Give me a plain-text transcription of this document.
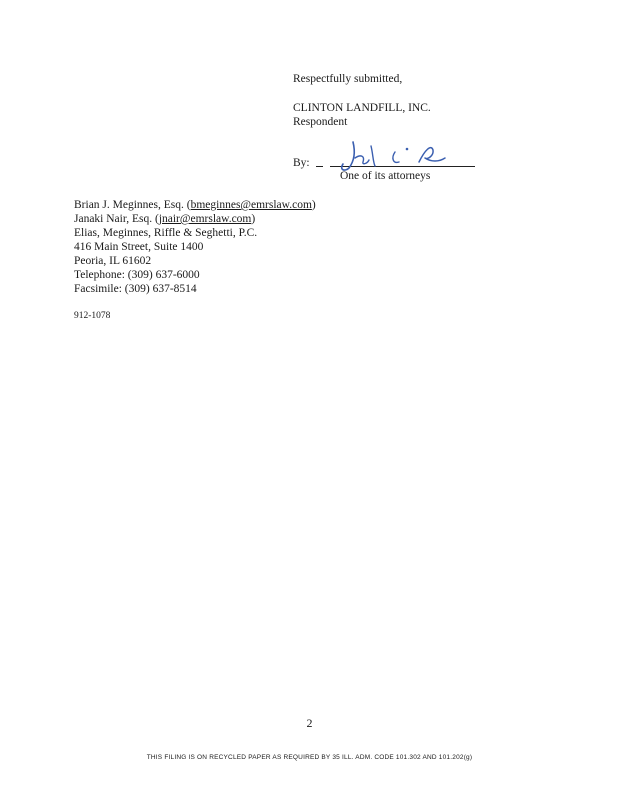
Respectfully submitted,
CLINTON LANDFILL, INC.
Respondent
By:
One of its attorneys
Brian J. Meginnes, Esq. (bmeginnes@emrslaw.com)
Janaki Nair, Esq. (jnair@emrslaw.com)
Elias, Meginnes, Riffle & Seghetti, P.C.
416 Main Street, Suite 1400
Peoria, IL 61602
Telephone: (309) 637-6000
Facsimile: (309) 637-8514
912-1078
2
THIS FILING IS ON RECYCLED PAPER AS REQUIRED BY 35 ILL. ADM. CODE 101.302 AND 101.202(g)
